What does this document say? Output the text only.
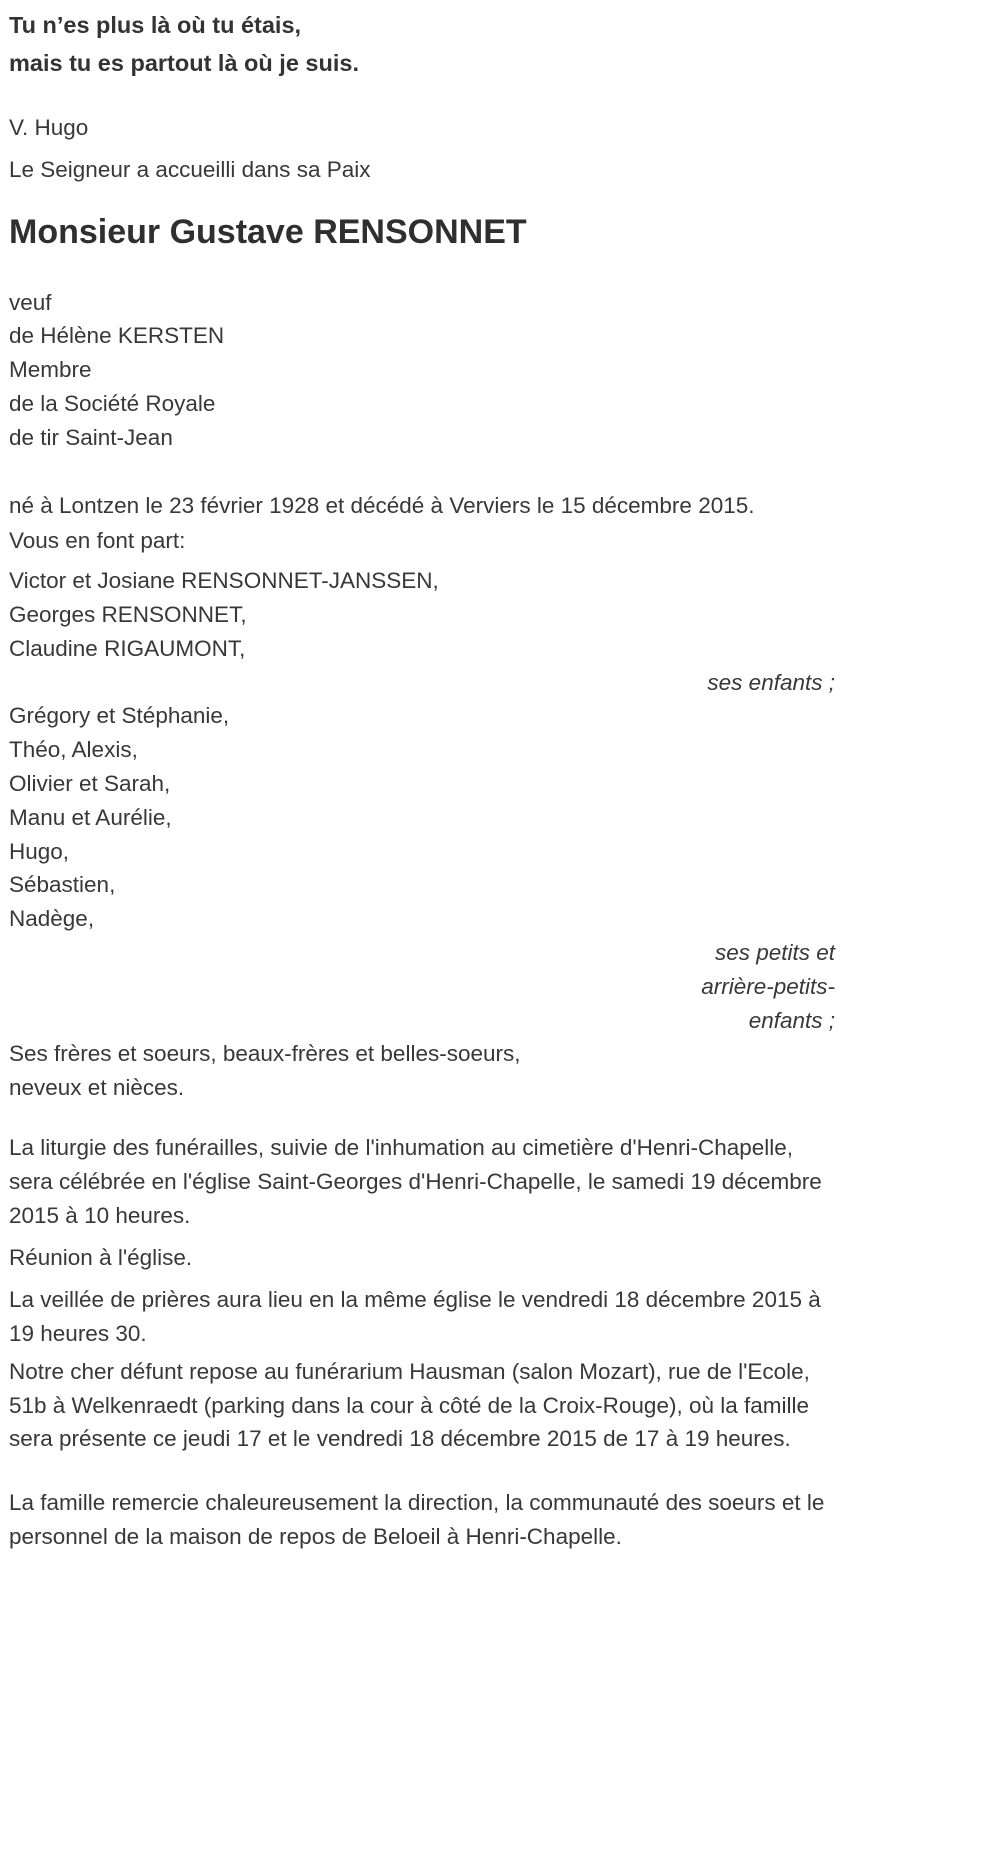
Tu n’es plus là où tu étais,

mais tu es partout là où je suis.

V. Hugo

Le Seigneur a accueilli dans sa Paix

Monsieur Gustave RENSONNET

veuf

de Hélène KERSTEN

Membre

de la Société Royale

de tir Saint-Jean

né à Lontzen le 23 février 1928 et décédé à Verviers le 15 décembre 2015.

Vous en font part:

Victor et Josiane RENSONNET-JANSSEN,

Georges RENSONNET,

Claudine RIGAUMONT,

ses enfants ;

Grégory et Stéphanie,

Théo, Alexis,

Olivier et Sarah,

Manu et Aurélie,

Hugo,

Sébastien,

Nadège,

ses petits et

arrière-petits-

enfants ;

Ses frères et soeurs, beaux-frères et belles-soeurs,

neveux et nièces.

La liturgie des funérailles, suivie de l'inhumation au cimetière d'Henri-Chapelle, sera célébrée en l'église Saint-Georges d'Henri-Chapelle, le samedi 19 décembre 2015 à 10 heures.

Réunion à l'église.

La veillée de prières aura lieu en la même église le vendredi 18 décembre 2015 à 19 heures 30.

Notre cher défunt repose au funérarium Hausman (salon Mozart), rue de l'Ecole, 51b à Welkenraedt (parking dans la cour à côté de la Croix-Rouge), où la famille sera présente ce jeudi 17 et le vendredi 18 décembre 2015 de 17 à 19 heures.

La famille remercie chaleureusement la direction, la communauté des soeurs et le personnel de la maison de repos de Beloeil à Henri-Chapelle.
